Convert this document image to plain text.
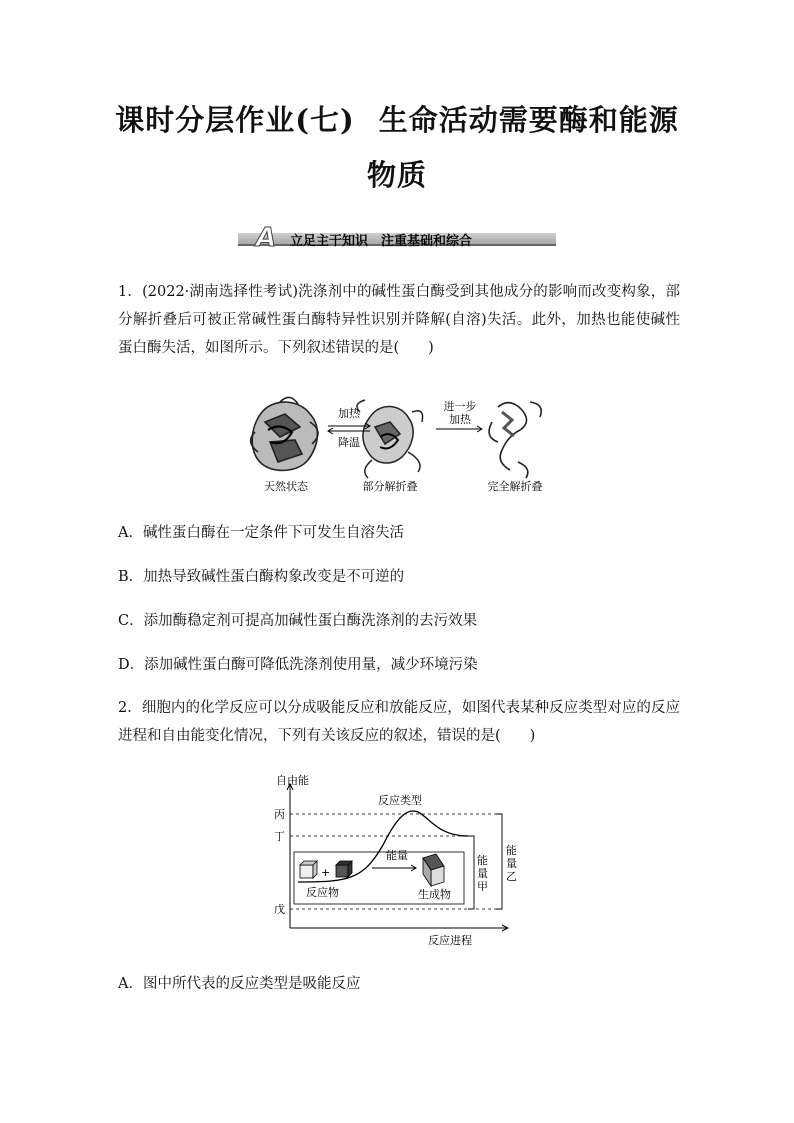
课时分层作业(七) 生命活动需要酶和能源
物质
A 立足主干知识　注重基础和综合
1．(2022·湖南选择性考试)洗涤剂中的碱性蛋白酶受到其他成分的影响而改变构象，部分解折叠后可被正常碱性蛋白酶特异性识别并降解(自溶)失活。此外，加热也能使碱性蛋白酶失活，如图所示。下列叙述错误的是(　　)
加热
降温
进一步
加热
天然状态	部分解折叠	完全解折叠
A．碱性蛋白酶在一定条件下可发生自溶失活
B．加热导致碱性蛋白酶构象改变是不可逆的
C．添加酶稳定剂可提高加碱性蛋白酶洗涤剂的去污效果
D．添加碱性蛋白酶可降低洗涤剂使用量，减少环境污染
2．细胞内的化学反应可以分成吸能反应和放能反应，如图代表某种反应类型对应的反应进程和自由能变化情况，下列有关该反应的叙述，错误的是(　　)
自由能
反应进程
丙
丁
戊
反应类型
+
反应物
能量
生成物
能
量
甲
能
量
乙
A．图中所代表的反应类型是吸能反应
